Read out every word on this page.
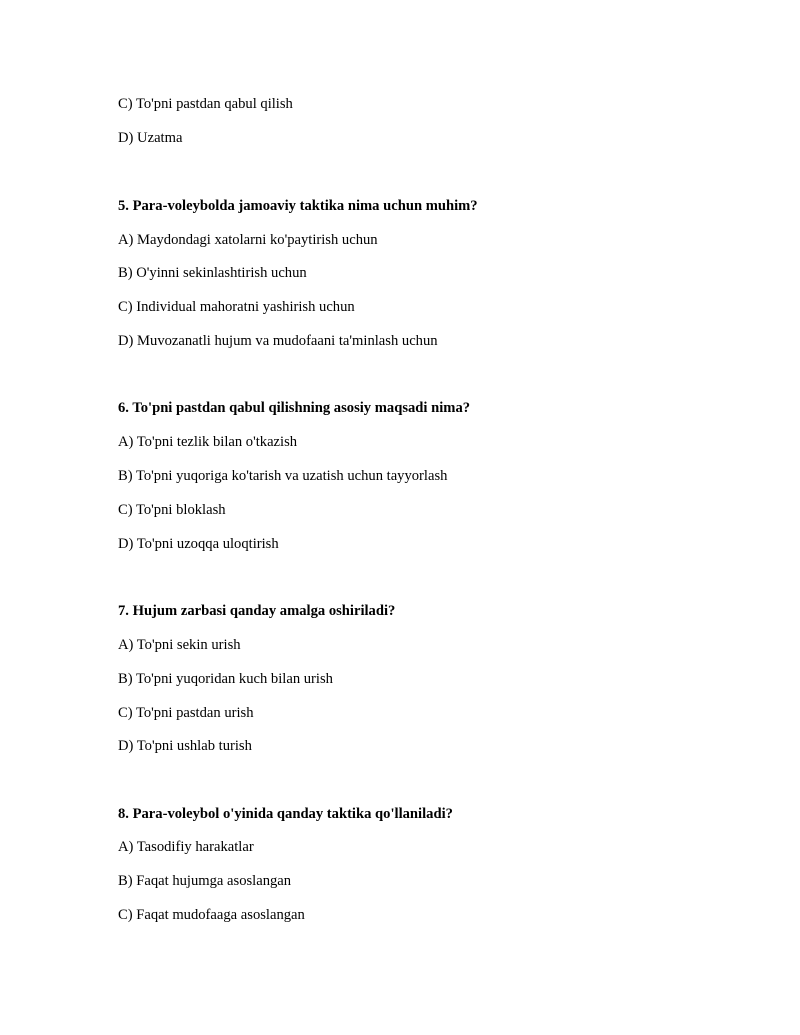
C) To'pni pastdan qabul qilish
D) Uzatma
5. Para-voleybolda jamoaviy taktika nima uchun muhim?
A) Maydondagi xatolarni ko'paytirish uchun
B) O'yinni sekinlashtirish uchun
C) Individual mahoratni yashirish uchun
D) Muvozanatli hujum va mudofaani ta'minlash uchun
6. To'pni pastdan qabul qilishning asosiy maqsadi nima?
A) To'pni tezlik bilan o'tkazish
B) To'pni yuqoriga ko'tarish va uzatish uchun tayyorlash
C) To'pni bloklash
D) To'pni uzoqqa uloqtirish
7. Hujum zarbasi qanday amalga oshiriladi?
A) To'pni sekin urish
B) To'pni yuqoridan kuch bilan urish
C) To'pni pastdan urish
D) To'pni ushlab turish
8. Para-voleybol o'yinida qanday taktika qo'llaniladi?
A) Tasodifiy harakatlar
B) Faqat hujumga asoslangan
C) Faqat mudofaaga asoslangan
